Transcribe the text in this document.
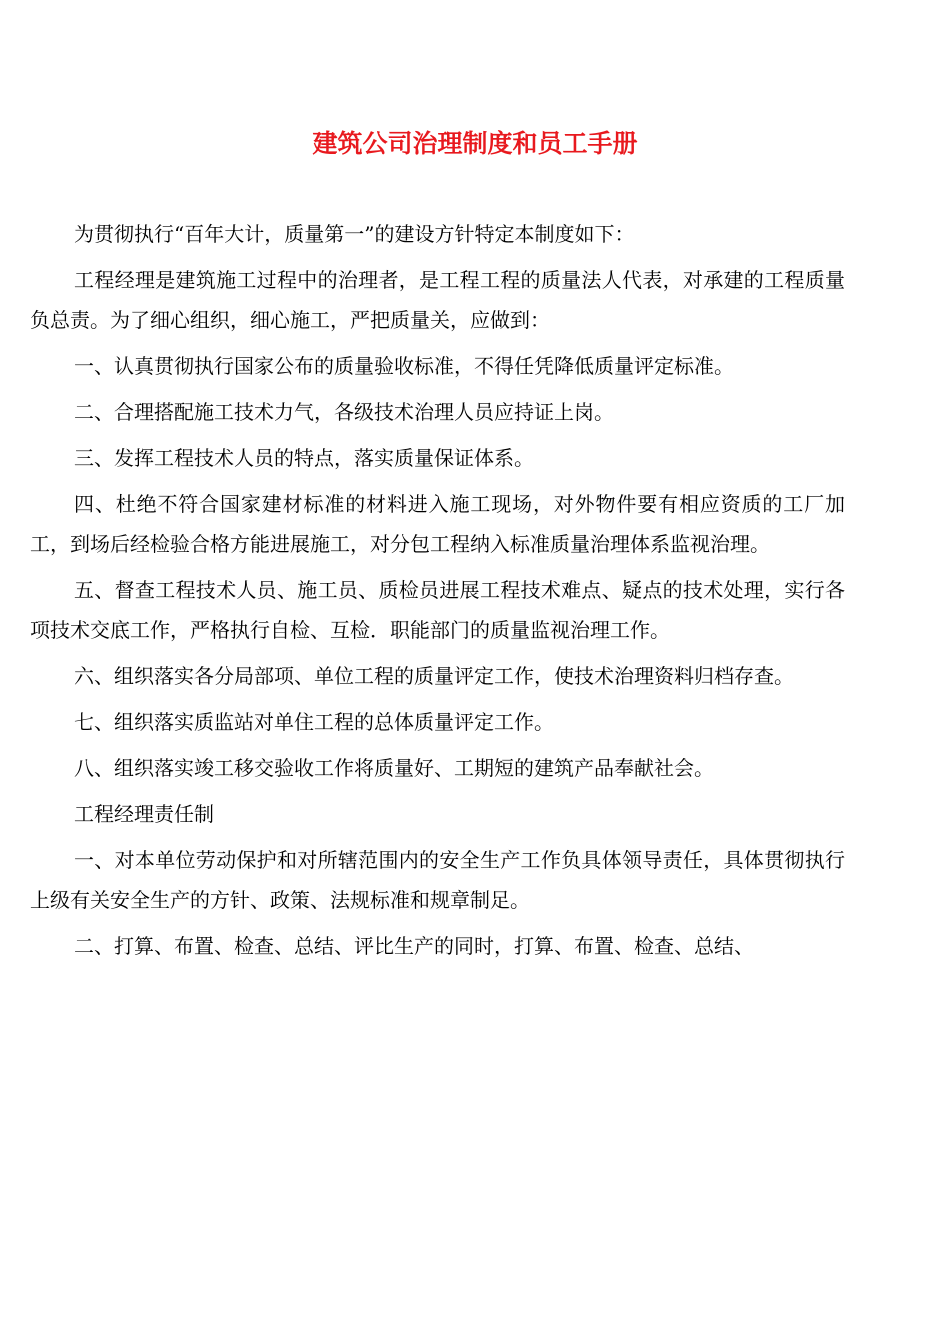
建筑公司治理制度和员工手册

为贯彻执行“百年大计，质量第一”的建设方针特定本制度如下：

工程经理是建筑施工过程中的治理者，是工程工程的质量法人代表，对承建的工程质量负总责。为了细心组织，细心施工，严把质量关，应做到：

一、认真贯彻执行国家公布的质量验收标准，不得任凭降低质量评定标准。

二、合理搭配施工技术力气，各级技术治理人员应持证上岗。

三、发挥工程技术人员的特点，落实质量保证体系。

四、杜绝不符合国家建材标准的材料进入施工现场，对外物件要有相应资质的工厂加工，到场后经检验合格方能进展施工，对分包工程纳入标准质量治理体系监视治理。

五、督查工程技术人员、施工员、质检员进展工程技术难点、疑点的技术处理，实行各项技术交底工作，严格执行自检、互检．职能部门的质量监视治理工作。

六、组织落实各分局部项、单位工程的质量评定工作，使技术治理资料归档存查。

七、组织落实质监站对单住工程的总体质量评定工作。

八、组织落实竣工移交验收工作将质量好、工期短的建筑产品奉献社会。

工程经理责任制

一、对本单位劳动保护和对所辖范围内的安全生产工作负具体领导责任，具体贯彻执行上级有关安全生产的方针、政策、法规标准和规章制足。

二、打算、布置、检查、总结、评比生产的同时，打算、布置、检查、总结、
